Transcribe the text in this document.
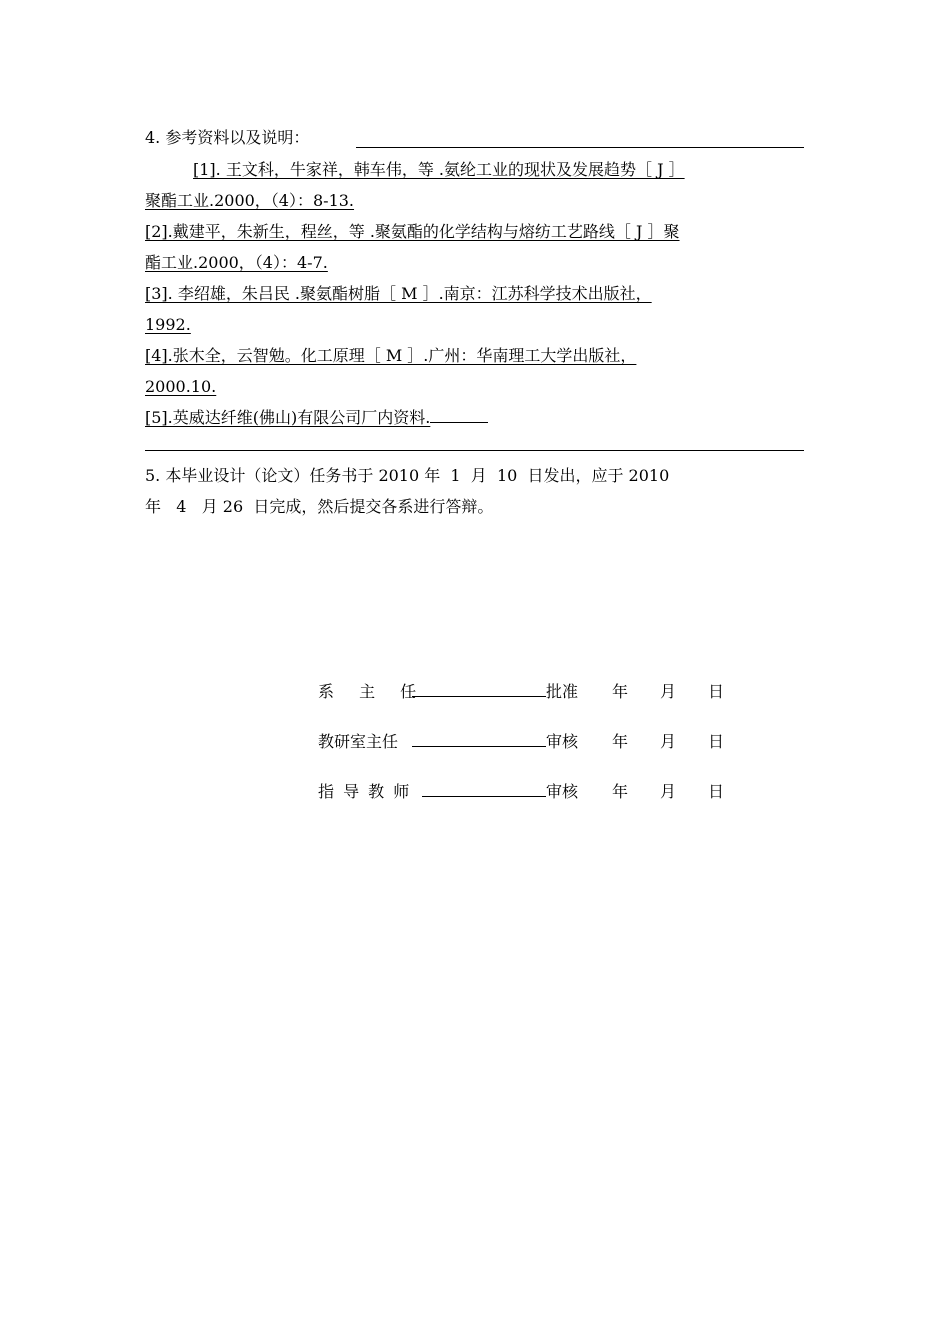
4. 参考资料以及说明：
[1]. 王文科，牛家祥，韩车伟，等 .氨纶工业的现状及发展趋势［ J ］
聚酯工业.2000，（4）：8-13.
[2].戴建平，朱新生，程丝，等 .聚氨酯的化学结构与熔纺工艺路线［ J ］聚
酯工业.2000，（4）：4-7.
[3]. 李绍雄，朱吕民 .聚氨酯树脂［ M ］.南京：江苏科学技术出版社，
1992.
[4].张木全，云智勉。化工原理［ M ］.广州：华南理工大学出版社，
2000.10.
[5].英威达纤维(佛山)有限公司厂内资料.
5. 本毕业设计（论文）任务书于 2010 年  1  月  10  日发出，应于 2010
年   4   月 26  日完成，然后提交各系进行答辩。
系 主 任	批准 年 月 日
教研室主任	审核 年 月 日
指 导 教 师	审核 年 月 日
